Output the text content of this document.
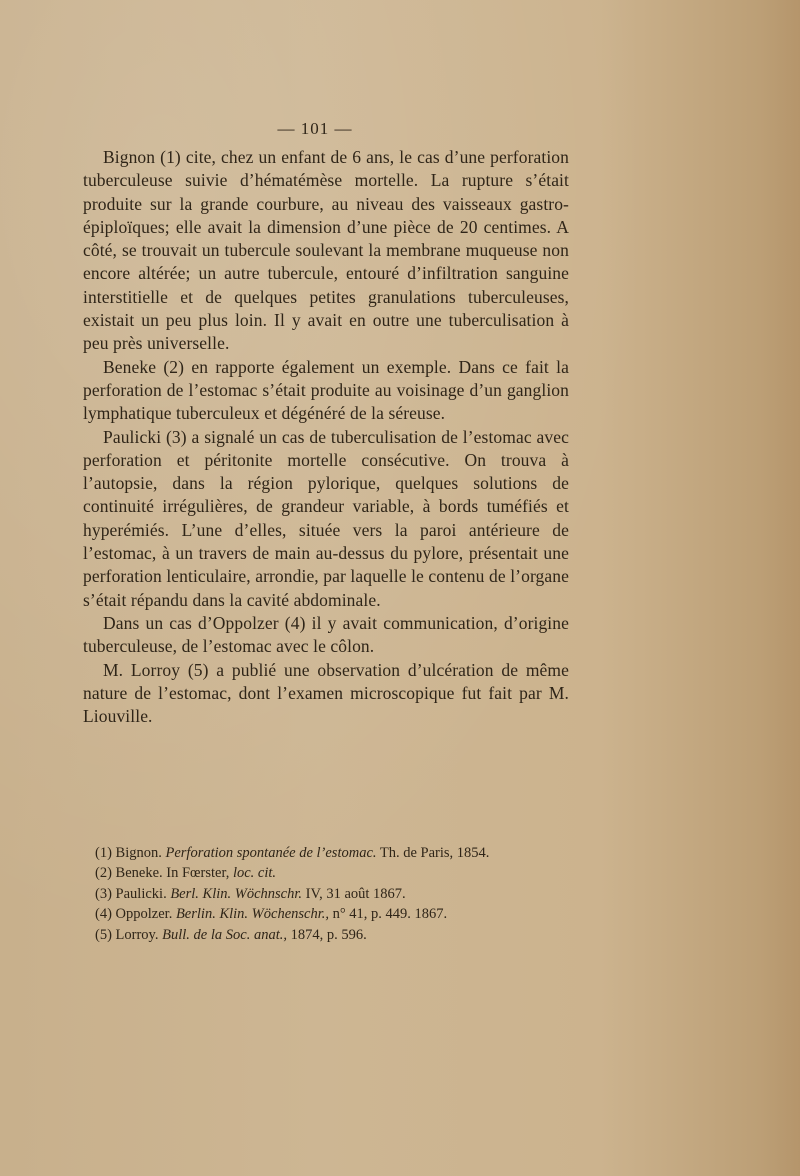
— 101 —

Bignon (1) cite, chez un enfant de 6 ans, le cas d’une perforation tuberculeuse suivie d’hématémèse mortelle. La rupture s’était produite sur la grande courbure, au niveau des vaisseaux gastro-épiploïques; elle avait la dimension d’une pièce de 20 centimes. A côté, se trouvait un tubercule soulevant la membrane muqueuse non encore altérée; un autre tubercule, entouré d’infiltration sanguine interstitielle et de quelques petites granulations tuberculeuses, existait un peu plus loin. Il y avait en outre une tuberculisation à peu près universelle.

Beneke (2) en rapporte également un exemple. Dans ce fait la perforation de l’estomac s’était produite au voisinage d’un ganglion lymphatique tuberculeux et dégénéré de la séreuse.

Paulicki (3) a signalé un cas de tuberculisation de l’estomac avec perforation et péritonite mortelle consécutive. On trouva à l’autopsie, dans la région pylorique, quelques solutions de continuité irrégulières, de grandeur variable, à bords tuméfiés et hyperémiés. L’une d’elles, située vers la paroi antérieure de l’estomac, à un travers de main au-dessus du pylore, présentait une perforation lenticulaire, arrondie, par laquelle le contenu de l’organe s’était répandu dans la cavité abdominale.

Dans un cas d’Oppolzer (4) il y avait communication, d’origine tuberculeuse, de l’estomac avec le côlon.

M. Lorroy (5) a publié une observation d’ulcération de même nature de l’estomac, dont l’examen microscopique fut fait par M. Liouville.

(1) Bignon. Perforation spontanée de l’estomac. Th. de Paris, 1854.

(2) Beneke. In Fœrster, loc. cit.

(3) Paulicki. Berl. Klin. Wöchnschr. IV, 31 août 1867.

(4) Oppolzer. Berlin. Klin. Wöchenschr., n° 41, p. 449. 1867.

(5) Lorroy. Bull. de la Soc. anat., 1874, p. 596.
